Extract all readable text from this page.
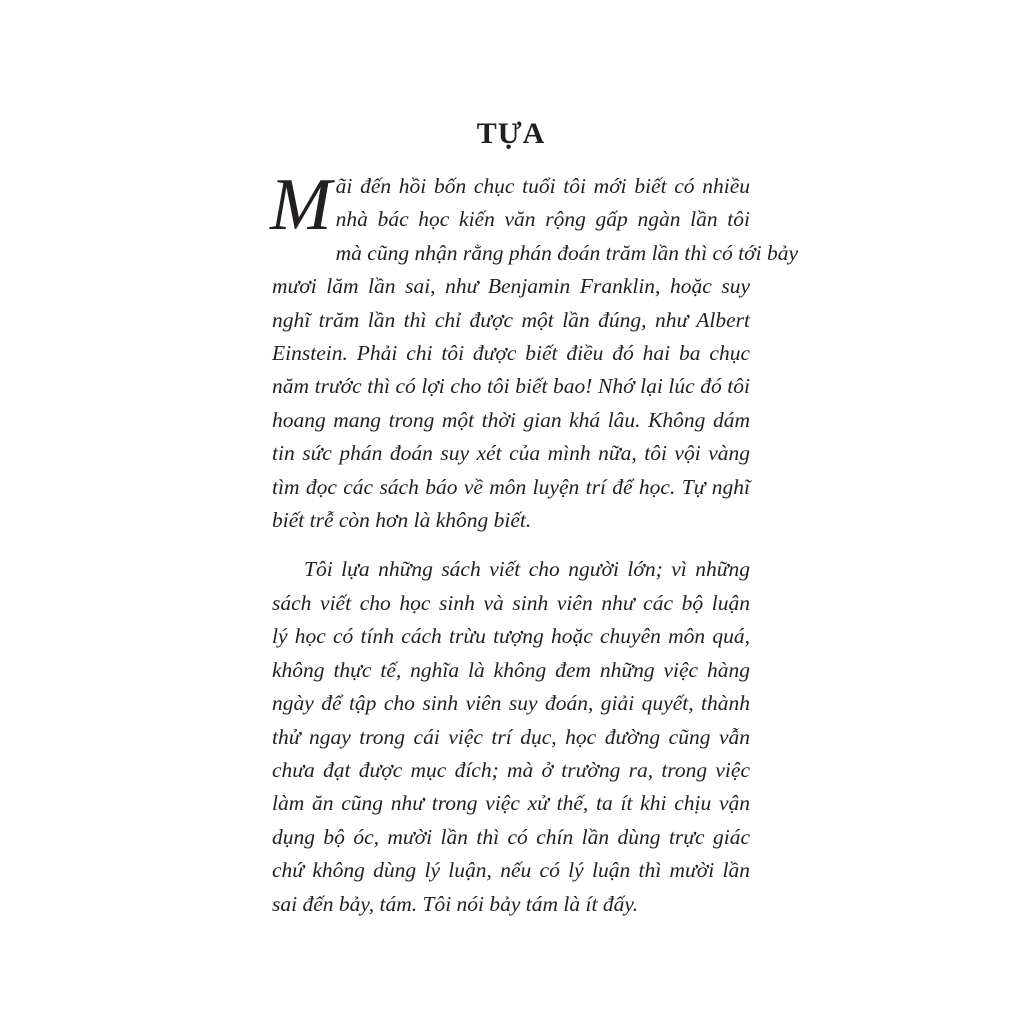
TỰA
M ãi đến hồi bốn chục tuổi tôi mới biết có nhiều
nhà bác học kiến văn rộng gấp ngàn lần tôi
mà cũng nhận rằng phán đoán trăm lần thì có tới bảy
mươi lăm lần sai, như Benjamin Franklin, hoặc suy
nghĩ trăm lần thì chỉ được một lần đúng, như Albert
Einstein. Phải chi tôi được biết điều đó hai ba chục
năm trước thì có lợi cho tôi biết bao! Nhớ lại lúc đó tôi
hoang mang trong một thời gian khá lâu. Không dám
tin sức phán đoán suy xét của mình nữa, tôi vội vàng
tìm đọc các sách báo về môn luyện trí để học. Tự nghĩ
biết trễ còn hơn là không biết.
Tôi lựa những sách viết cho người lớn; vì những
sách viết cho học sinh và sinh viên như các bộ luận
lý học có tính cách trừu tượng hoặc chuyên môn quá,
không thực tế, nghĩa là không đem những việc hàng
ngày để tập cho sinh viên suy đoán, giải quyết, thành
thử ngay trong cái việc trí dục, học đường cũng vẫn
chưa đạt được mục đích; mà ở trường ra, trong việc
làm ăn cũng như trong việc xử thế, ta ít khi chịu vận
dụng bộ óc, mười lần thì có chín lần dùng trực giác
chứ không dùng lý luận, nếu có lý luận thì mười lần
sai đến bảy, tám. Tôi nói bảy tám là ít đấy.
